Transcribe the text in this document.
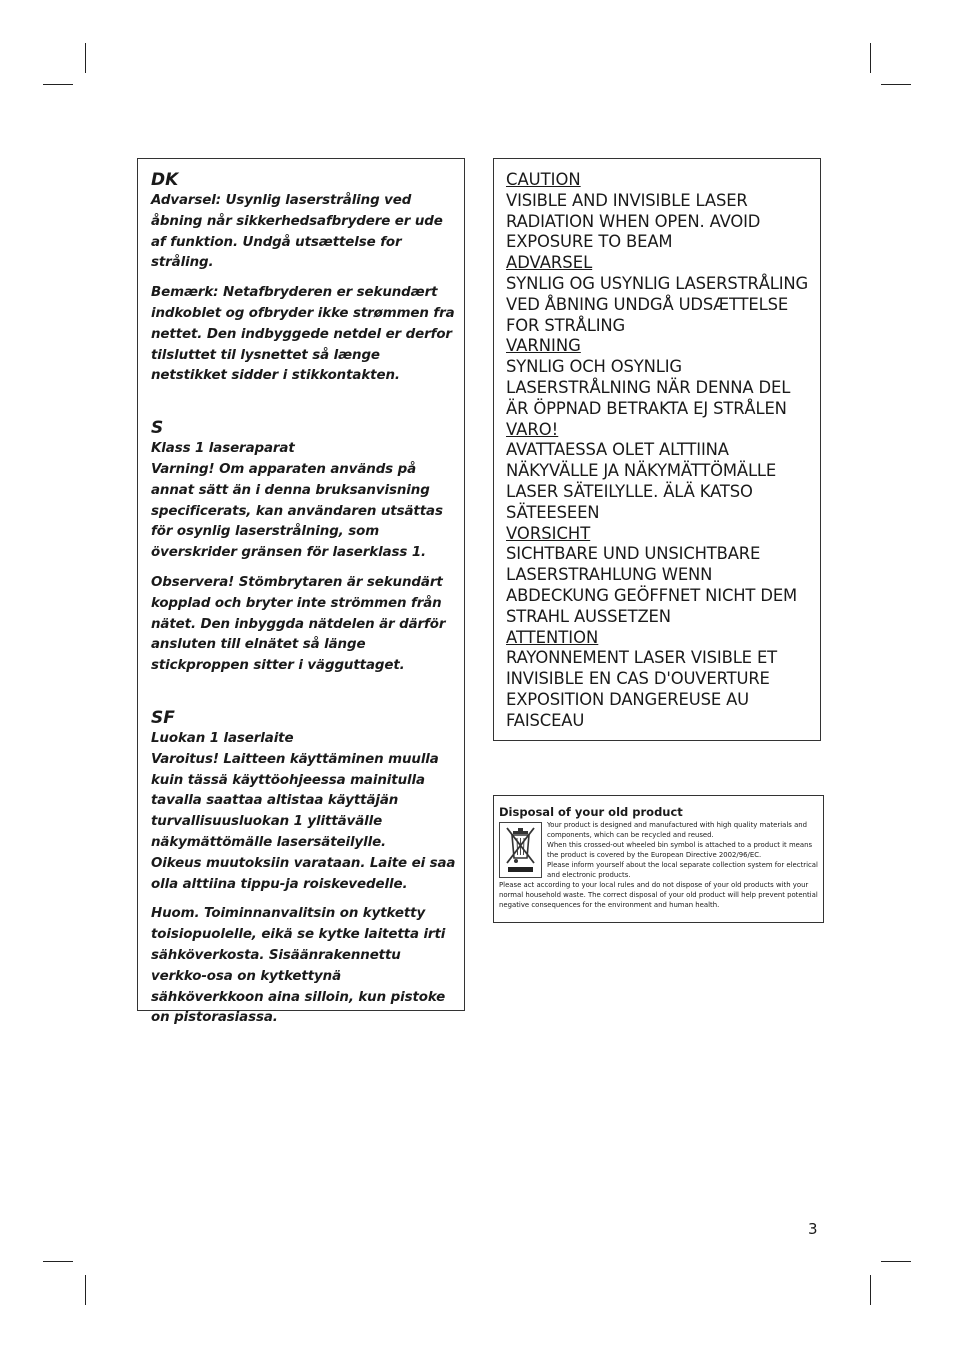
DK

Advarsel: Usynlig laserstråling ved åbning når sikkerhedsafbrydere er ude af funktion. Undgå utsættelse for stråling.

Bemærk: Netafbryderen er sekundært indkoblet og ofbryder ikke strømmen fra nettet. Den indbyggede netdel er derfor tilsluttet til lysnettet så længe netstikket sidder i stikkontakten.

S

Klass 1 laseraparat

Varning! Om apparaten används på annat sätt än i denna bruksanvisning specificerats, kan användaren utsättas för osynlig laserstrålning, som överskrider gränsen för laserklass 1.

Observera! Stömbrytaren är sekundärt kopplad och bryter inte strömmen från nätet. Den inbyggda nätdelen är därför ansluten till elnätet så länge stickproppen sitter i vägguttaget.

SF

Luokan 1 laserlaite

Varoitus! Laitteen käyttäminen muulla kuin tässä käyttöohjeessa mainitulla tavalla saattaa altistaa käyttäjän turvallisuusluokan 1 ylittävälle näkymättömälle lasersäteilylle.

Oikeus muutoksiin varataan. Laite ei saa olla alttiina tippu-ja roiskevedelle.

Huom. Toiminnanvalitsin on kytketty toisiopuolelle, eikä se kytke laitetta irti sähköverkosta. Sisäänrakennettu verkko-osa on kytkettynä sähköverkkoon aina silloin, kun pistoke on pistorasiassa.

CAUTION

VISIBLE AND INVISIBLE LASER RADIATION WHEN OPEN. AVOID EXPOSURE TO BEAM

ADVARSEL

SYNLIG OG USYNLIG LASERSTRÅLING VED ÅBNING UNDGÅ UDSÆTTELSE FOR STRÅLING

VARNING

SYNLIG OCH OSYNLIG LASERSTRÅLNING NÄR DENNA DEL ÄR ÖPPNAD BETRAKTA EJ STRÅLEN

VARO!

AVATTAESSA OLET ALTTIINA NÄKYVÄLLE JA NÄKYMÄTTÖMÄLLE LASER SÄTEILYLLE. ÄLÄ KATSO SÄTEESEEN

VORSICHT

SICHTBARE UND UNSICHTBARE LASERSTRAHLUNG WENN ABDECKUNG GEÖFFNET NICHT DEM STRAHL AUSSETZEN

ATTENTION

RAYONNEMENT LASER VISIBLE ET INVISIBLE EN CAS D'OUVERTURE EXPOSITION DANGEREUSE AU FAISCEAU

Disposal of your old product

Your product is designed and manufactured with high quality materials and components, which can be recycled and reused.

When this crossed-out wheeled bin symbol is attached to a product it means the product is covered by the European Directive 2002/96/EC.

Please inform yourself about the local separate collection system for electrical and electronic products.

Please act according to your local rules and do not dispose of your old products with your normal household waste. The correct disposal of your old product will help prevent potential negative consequences for the environment and human health.

3
